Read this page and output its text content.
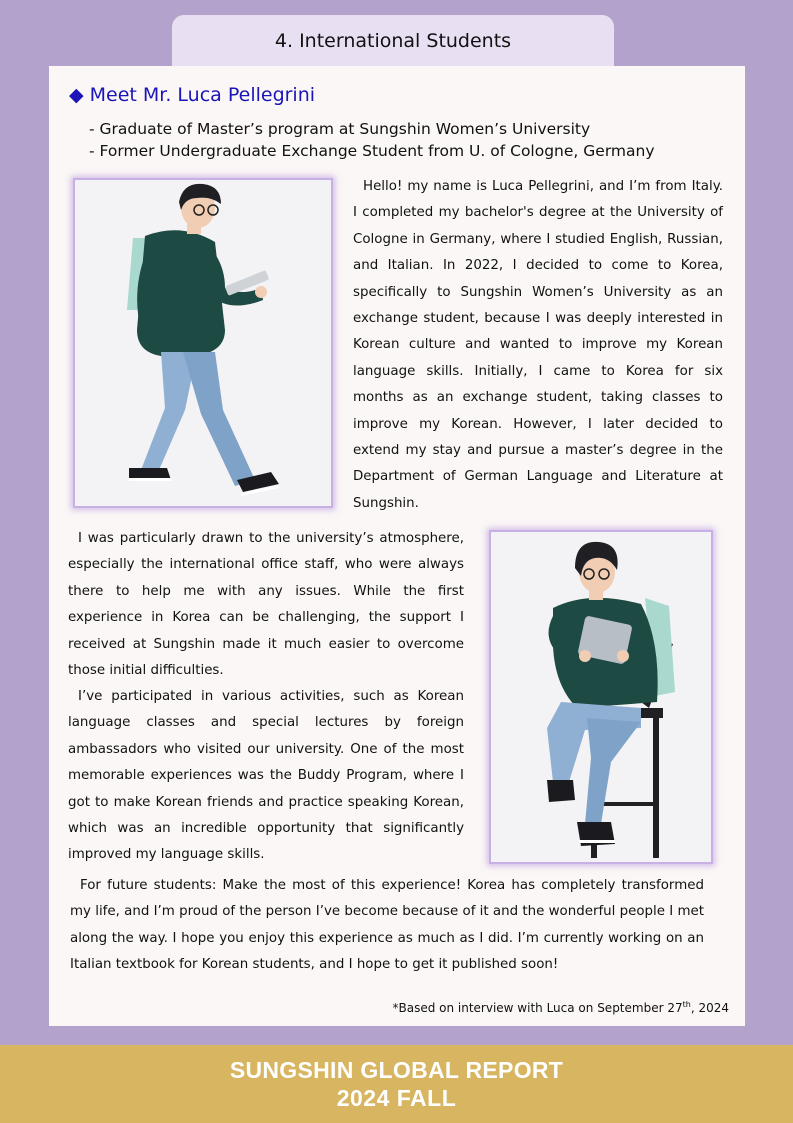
4. International Students
◆ Meet Mr. Luca Pellegrini
- Graduate of Master’s program at Sungshin Women’s University
- Former Undergraduate Exchange Student from U. of Cologne, Germany

Hello! my name is Luca Pellegrini, and I’m from Italy. I completed my bachelor's degree at the University of Cologne in Germany, where I studied English, Russian, and Italian. In 2022, I decided to come to Korea, specifically to Sungshin Women’s University as an exchange student, because I was deeply interested in Korean culture and wanted to improve my Korean language skills. Initially, I came to Korea for six months as an exchange student, taking classes to improve my Korean. However, I later decided to extend my stay and pursue a master’s degree in the Department of German Language and Literature at Sungshin.

I was particularly drawn to the university’s atmosphere, especially the international office staff, who were always there to help me with any issues. While the first experience in Korea can be challenging, the support I received at Sungshin made it much easier to overcome those initial difficulties.

I’ve participated in various activities, such as Korean language classes and special lectures by foreign ambassadors who visited our university. One of the most memorable experiences was the Buddy Program, where I got to make Korean friends and practice speaking Korean, which was an incredible opportunity that significantly improved my language skills.

For future students: Make the most of this experience! Korea has completely transformed my life, and I’m proud of the person I’ve become because of it and the wonderful people I met along the way. I hope you enjoy this experience as much as I did. I’m currently working on an Italian textbook for Korean students, and I hope to get it published soon!

*Based on interview with Luca on September 27th, 2024
SUNGSHIN GLOBAL REPORT
2024 FALL
